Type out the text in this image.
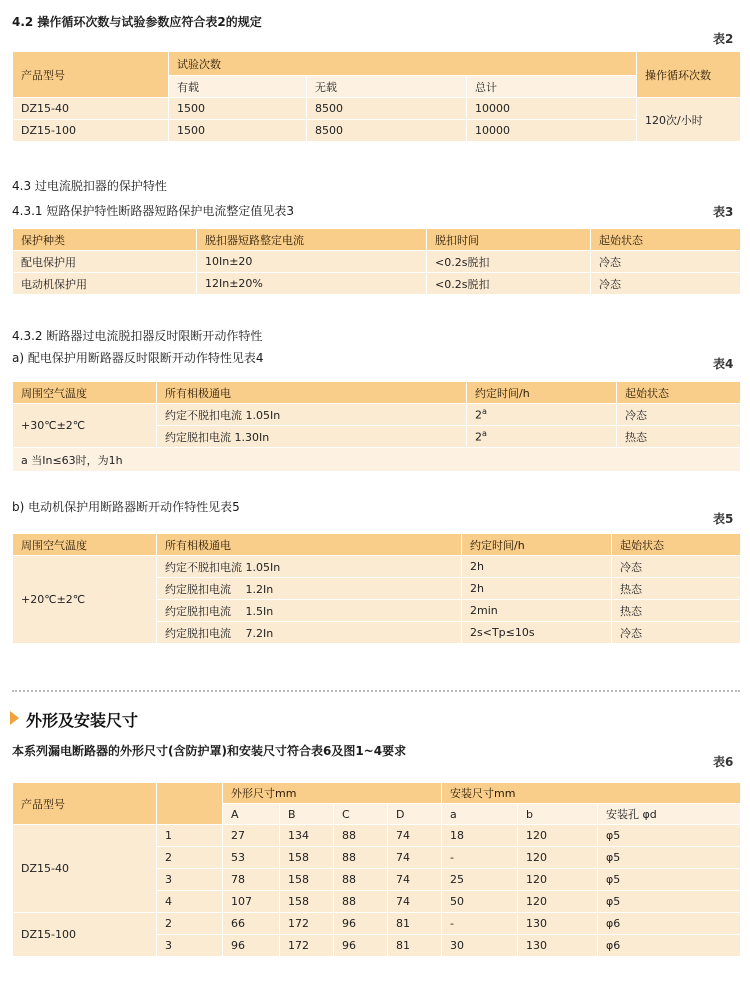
4.2 操作循环次数与试验参数应符合表2的规定
表2
产品型号	试验次数			操作循环次数
	有载	无载	总计	
DZ15-40	1500	8500	10000	120次/小时
DZ15-100	1500	8500	10000	
4.3 过电流脱扣器的保护特性
4.3.1 短路保护特性断路器短路保护电流整定值见表3	表3
保护种类	脱扣器短路整定电流	脱扣时间	起始状态
配电保护用	10In±20	<0.2s脱扣	冷态
电动机保护用	12In±20%	<0.2s脱扣	冷态
4.3.2 断路器过电流脱扣器反时限断开动作特性
a) 配电保护用断路器反时限断开动作特性见表4	表4
周围空气温度	所有相极通电	约定时间/h	起始状态
+30℃±2℃	约定不脱扣电流 1.05In	2$^a$	冷态
	约定脱扣电流 1.30In	2$^a$	热态
a 当In≤63时，为1h			
b) 电动机保护用断路器断开动作特性见表5
表5
周围空气温度	所有相极通电	约定时间/h	起始状态
+20℃±2℃	约定不脱扣电流 1.05In	2h	冷态
	约定脱扣电流　 1.2In	2h	热态
	约定脱扣电流　 1.5In	2min	热态
	约定脱扣电流　 7.2In	2s<Tp≤10s	冷态
外形及安装尺寸
本系列漏电断路器的外形尺寸(含防护罩)和安装尺寸符合表6及图1~4要求
表6
产品型号		外形尺寸mm				安装尺寸mm		
		A	B	C	D	a	b	安装孔 φd
DZ15-40	1	27	134	88	74	18	120	φ5
	2	53	158	88	74	-	120	φ5
	3	78	158	88	74	25	120	φ5
	4	107	158	88	74	50	120	φ5
DZ15-100	2	66	172	96	81	-	130	φ6
	3	96	172	96	81	30	130	φ6
